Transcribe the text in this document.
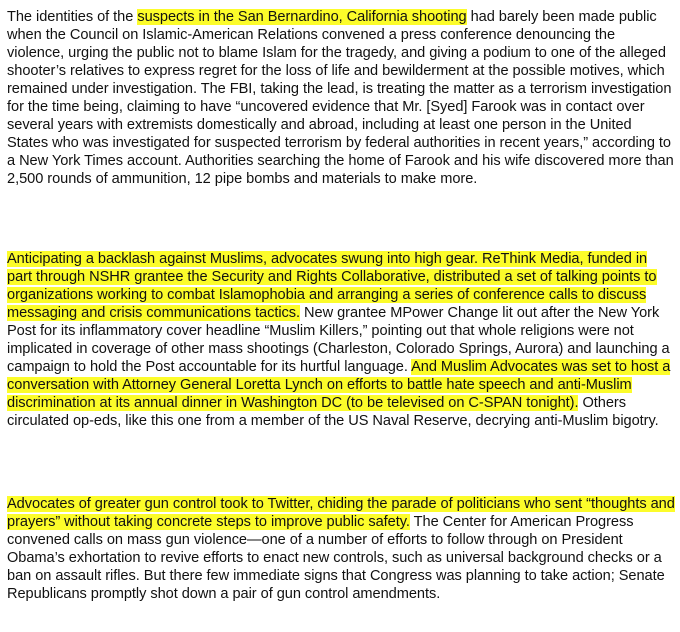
The identities of the suspects in the San Bernardino, California shooting had barely been made public when the Council on Islamic-American Relations convened a press conference denouncing the violence, urging the public not to blame Islam for the tragedy, and giving a podium to one of the alleged shooter’s relatives to express regret for the loss of life and bewilderment at the possible motives, which remained under investigation. The FBI, taking the lead, is treating the matter as a terrorism investigation for the time being, claiming to have “uncovered evidence that Mr. [Syed] Farook was in contact over several years with extremists domestically and abroad, including at least one person in the United States who was investigated for suspected terrorism by federal authorities in recent years,” according to a New York Times account. Authorities searching the home of Farook and his wife discovered more than 2,500 rounds of ammunition, 12 pipe bombs and materials to make more.

Anticipating a backlash against Muslims, advocates swung into high gear. ReThink Media, funded in part through NSHR grantee the Security and Rights Collaborative, distributed a set of talking points to organizations working to combat Islamophobia and arranging a series of conference calls to discuss messaging and crisis communications tactics. New grantee MPower Change lit out after the New York Post for its inflammatory cover headline “Muslim Killers,” pointing out that whole religions were not implicated in coverage of other mass shootings (Charleston, Colorado Springs, Aurora) and launching a campaign to hold the Post accountable for its hurtful language. And Muslim Advocates was set to host a conversation with Attorney General Loretta Lynch on efforts to battle hate speech and anti-Muslim discrimination at its annual dinner in Washington DC (to be televised on C-SPAN tonight). Others circulated op-eds, like this one from a member of the US Naval Reserve, decrying anti-Muslim bigotry.

Advocates of greater gun control took to Twitter, chiding the parade of politicians who sent “thoughts and prayers” without taking concrete steps to improve public safety. The Center for American Progress convened calls on mass gun violence—one of a number of efforts to follow through on President Obama’s exhortation to revive efforts to enact new controls, such as universal background checks or a ban on assault rifles. But there few immediate signs that Congress was planning to take action; Senate Republicans promptly shot down a pair of gun control amendments.
